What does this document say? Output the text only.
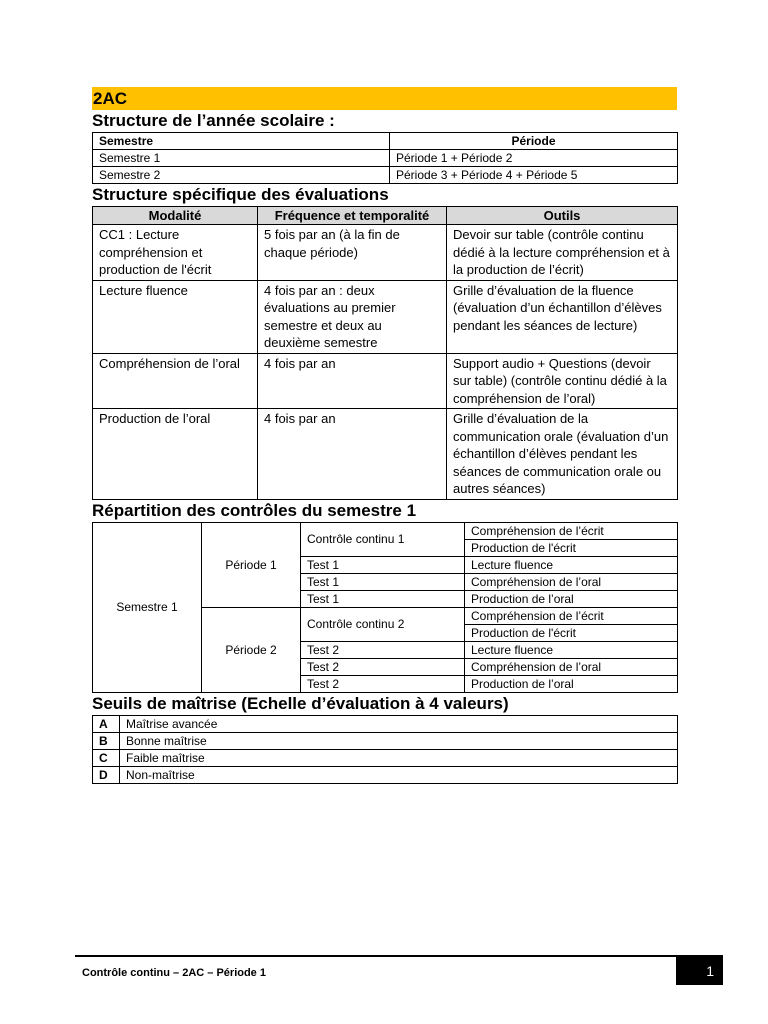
2AC
Structure de l’année scolaire :
Semestre	Période
Semestre 1	Période 1 + Période 2
Semestre 2	Période 3 + Période 4 + Période 5
Structure spécifique des évaluations
Modalité	Fréquence et temporalité	Outils
CC1 : Lecture compréhension et production de l'écrit	5 fois par an (à la fin de chaque période)	Devoir sur table (contrôle continu dédié à la lecture compréhension et à la production de l’écrit)
Lecture fluence	4 fois par an : deux évaluations au premier semestre et deux au deuxième semestre	Grille d’évaluation de la fluence (évaluation d’un échantillon d’élèves pendant les séances de lecture)
Compréhension de l’oral	4 fois par an	Support audio + Questions (devoir sur table) (contrôle continu dédié à la compréhension de l’oral)
Production de l’oral	4 fois par an	Grille d’évaluation de la communication orale (évaluation d’un échantillon d’élèves pendant les séances de communication orale ou autres séances)
Répartition des contrôles du semestre 1
Semestre 1	Période 1	Contrôle continu 1	Compréhension de l’écrit
			Production de l'écrit
		Test 1	Lecture fluence
		Test 1	Compréhension de l’oral
		Test 1	Production de l’oral
	Période 2	Contrôle continu 2	Compréhension de l’écrit
			Production de l'écrit
		Test 2	Lecture fluence
		Test 2	Compréhension de l’oral
		Test 2	Production de l’oral
Seuils de maîtrise (Echelle d’évaluation à 4 valeurs)
A	Maîtrise avancée
B	Bonne maîtrise
C	Faible maîtrise
D	Non-maîtrise
Contrôle continu – 2AC – Période 1	1
